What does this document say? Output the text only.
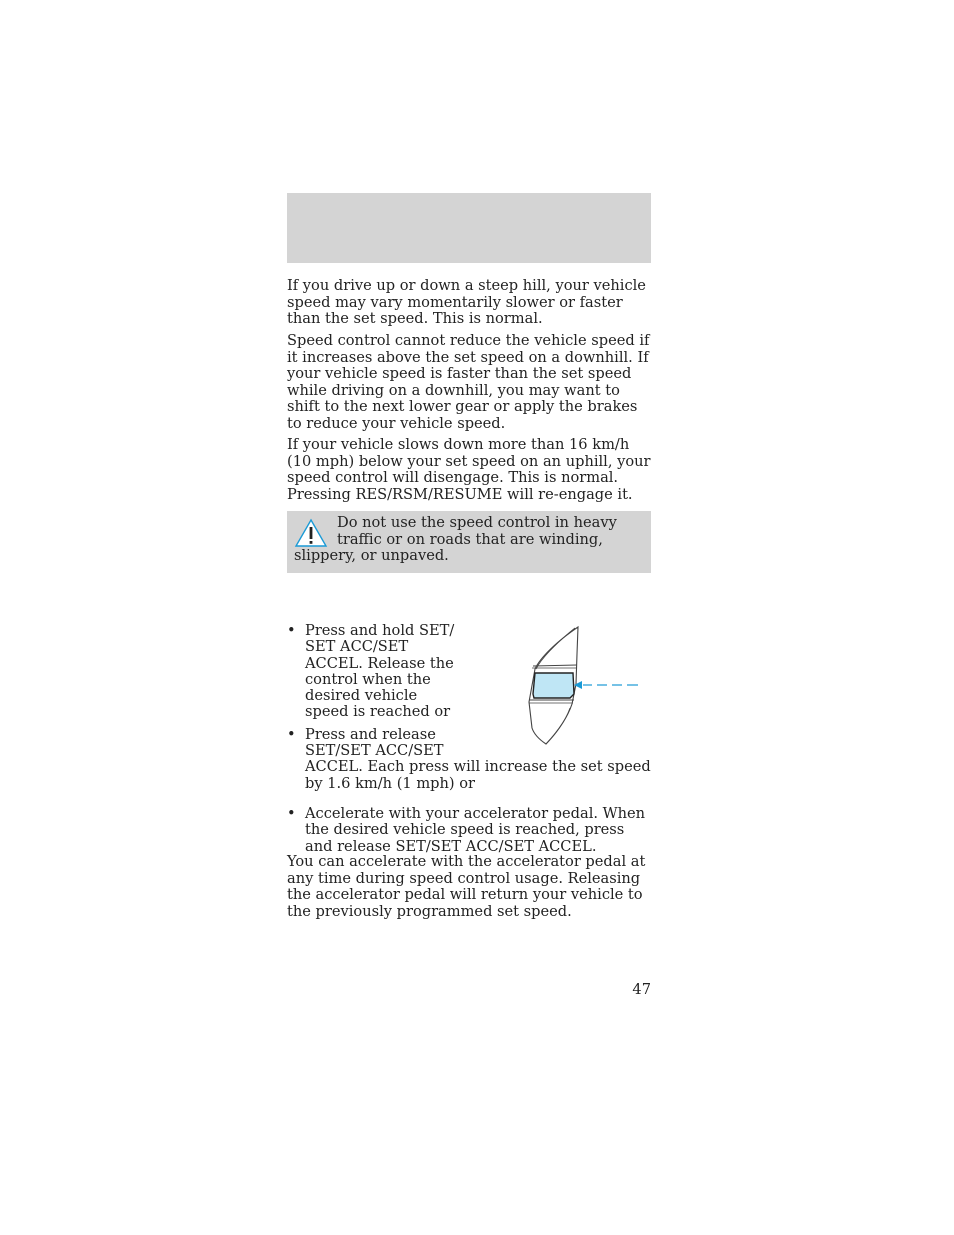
If you drive up or down a steep hill, your vehicle speed may vary momentarily slower or faster than the set speed. This is normal.

Speed control cannot reduce the vehicle speed if it increases above the set speed on a downhill. If your vehicle speed is faster than the set speed while driving on a downhill, you may want to shift to the next lower gear or apply the brakes to reduce your vehicle speed.

If your vehicle slows down more than 16 km/h (10 mph) below your set speed on an uphill, your speed control will disengage. This is normal. Pressing RES/RSM/RESUME will re-engage it.

Do not use the speed control in heavy traffic or on roads that are winding, slippery, or unpaved.
• Press and hold SET/ SET ACC/SET ACCEL. Release the control when the desired vehicle speed is reached or
• Press and release SET/SET ACC/SET
ACCEL. Each press will increase the set speed by 1.6 km/h (1 mph) or
• Accelerate with your accelerator pedal. When the desired vehicle speed is reached, press and release SET/SET ACC/SET ACCEL.

You can accelerate with the accelerator pedal at any time during speed control usage. Releasing the accelerator pedal will return your vehicle to the previously programmed set speed.

47
